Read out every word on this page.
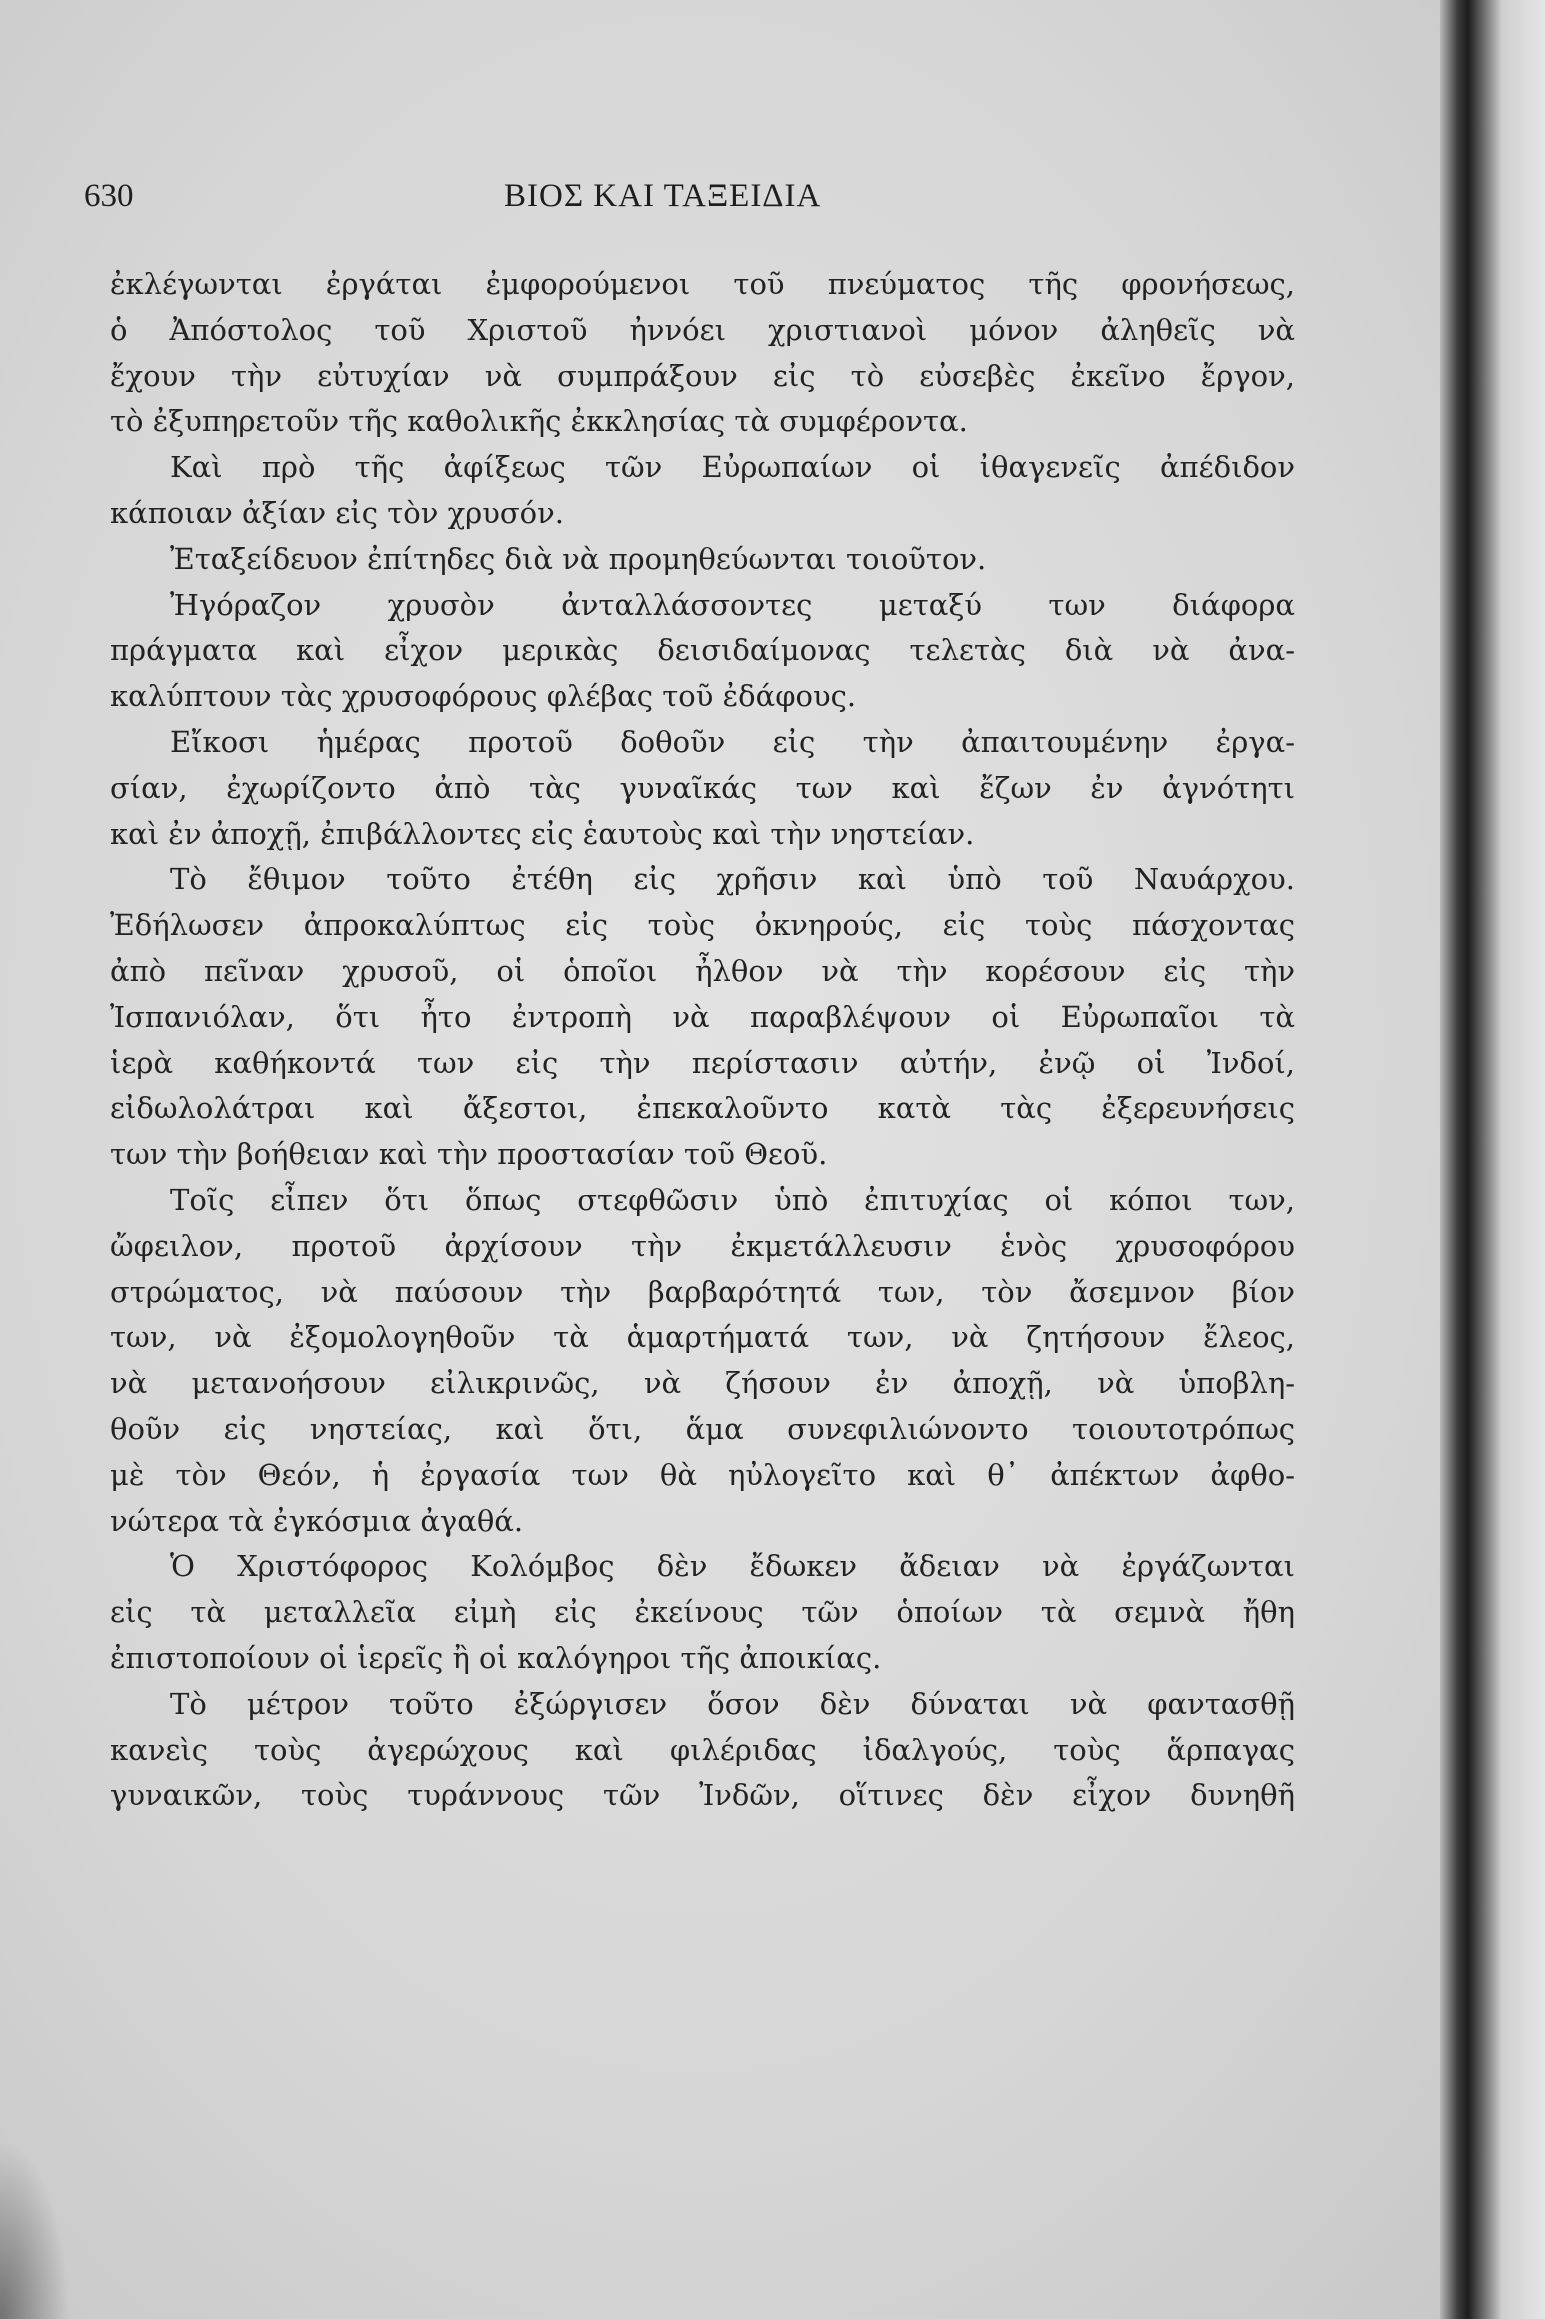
630	ΒΙΟΣ ΚΑΙ ΤΑΞΕΙΔΙΑ
ἐκλέγωνται ἐργάται ἐμφορούμενοι τοῦ πνεύματος τῆς φρονήσεως,
ὁ Ἀπόστολος τοῦ Χριστοῦ ἠννόει χριστιανοὶ μόνον ἀληθεῖς νὰ
ἔχουν τὴν εὐτυχίαν νὰ συμπράξουν εἰς τὸ εὐσεβὲς ἐκεῖνο ἔργον,
τὸ ἐξυπηρετοῦν τῆς καθολικῆς ἐκκλησίας τὰ συμφέροντα.
Καὶ πρὸ τῆς ἀφίξεως τῶν Εὐρωπαίων οἱ ἰθαγενεῖς ἀπέδιδον
κάποιαν ἀξίαν εἰς τὸν χρυσόν.
Ἐταξείδευον ἐπίτηδες διὰ νὰ προμηθεύωνται τοιοῦτον.
Ἠγόραζον χρυσὸν ἀνταλλάσσοντες μεταξύ των διάφορα
πράγματα καὶ εἶχον μερικὰς δεισιδαίμονας τελετὰς διὰ νὰ ἀνα-
καλύπτουν τὰς χρυσοφόρους φλέβας τοῦ ἐδάφους.
Εἴκοσι ἡμέρας προτοῦ δοθοῦν εἰς τὴν ἀπαιτουμένην ἐργα-
σίαν, ἐχωρίζοντο ἀπὸ τὰς γυναῖκάς των καὶ ἔζων ἐν ἀγνότητι
καὶ ἐν ἀποχῇ, ἐπιβάλλοντες εἰς ἑαυτοὺς καὶ τὴν νηστείαν.
Τὸ ἔθιμον τοῦτο ἐτέθη εἰς χρῆσιν καὶ ὑπὸ τοῦ Ναυάρχου.
Ἐδήλωσεν ἀπροκαλύπτως εἰς τοὺς ὀκνηρούς, εἰς τοὺς πάσχοντας
ἀπὸ πεῖναν χρυσοῦ, οἱ ὁποῖοι ἦλθον νὰ τὴν κορέσουν εἰς τὴν
Ἰσπανιόλαν, ὅτι ἦτο ἐντροπὴ νὰ παραβλέψουν οἱ Εὐρωπαῖοι τὰ
ἱερὰ καθήκοντά των εἰς τὴν περίστασιν αὐτήν, ἐνῷ οἱ Ἰνδοί,
εἰδωλολάτραι καὶ ἄξεστοι, ἐπεκαλοῦντο κατὰ τὰς ἐξερευνήσεις
των τὴν βοήθειαν καὶ τὴν προστασίαν τοῦ Θεοῦ.
Τοῖς εἶπεν ὅτι ὅπως στεφθῶσιν ὑπὸ ἐπιτυχίας οἱ κόποι των,
ὤφειλον, προτοῦ ἀρχίσουν τὴν ἐκμετάλλευσιν ἑνὸς χρυσοφόρου
στρώματος, νὰ παύσουν τὴν βαρβαρότητά των, τὸν ἄσεμνον βίον
των, νὰ ἐξομολογηθοῦν τὰ ἁμαρτήματά των, νὰ ζητήσουν ἔλεος,
νὰ μετανοήσουν εἰλικρινῶς, νὰ ζήσουν ἐν ἀποχῇ, νὰ ὑποβλη-
θοῦν εἰς νηστείας, καὶ ὅτι, ἅμα συνεφιλιώνοντο τοιουτοτρόπως
μὲ τὸν Θεόν, ἡ ἐργασία των θὰ ηὐλογεῖτο καὶ θ᾽ ἀπέκτων ἀφθο-
νώτερα τὰ ἐγκόσμια ἀγαθά.
Ὁ Χριστόφορος Κολόμβος δὲν ἔδωκεν ἄδειαν νὰ ἐργάζωνται
εἰς τὰ μεταλλεῖα εἰμὴ εἰς ἐκείνους τῶν ὁποίων τὰ σεμνὰ ἤθη
ἐπιστοποίουν οἱ ἱερεῖς ἢ οἱ καλόγηροι τῆς ἀποικίας.
Τὸ μέτρον τοῦτο ἐξώργισεν ὅσον δὲν δύναται νὰ φαντασθῇ
κανεὶς τοὺς ἀγερώχους καὶ φιλέριδας ἰδαλγούς, τοὺς ἅρπαγας
γυναικῶν, τοὺς τυράννους τῶν Ἰνδῶν, οἵτινες δὲν εἶχον δυνηθῆ
